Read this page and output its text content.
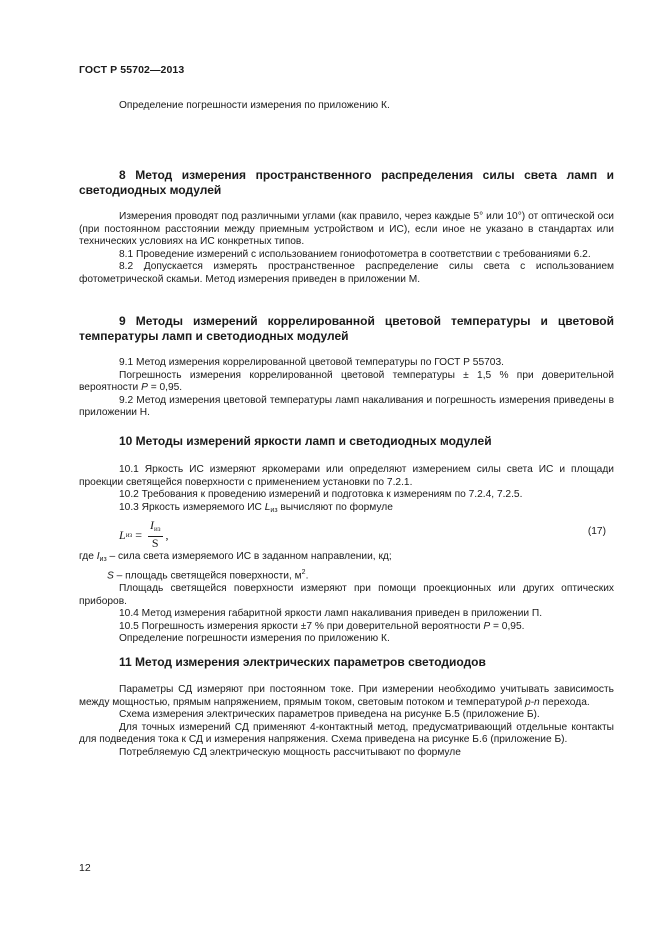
ГОСТ Р 55702—2013

Определение погрешности измерения по приложению К.

8 Метод измерения пространственного распределения силы света ламп и светодиодных модулей

Измерения проводят под различными углами (как правило, через каждые 5° или 10°) от оптической оси (при постоянном расстоянии между приемным устройством и ИС), если иное не указано в стандартах или технических условиях на ИС конкретных типов.

8.1 Проведение измерений с использованием гониофотометра в соответствии с требованиями 6.2.

8.2 Допускается измерять пространственное распределение силы света с использованием фотометрической скамьи. Метод измерения приведен в приложении М.

9 Методы измерений коррелированной цветовой температуры и цветовой температуры ламп и светодиодных модулей

9.1 Метод измерения коррелированной цветовой температуры по ГОСТ Р 55703.

Погрешность измерения коррелированной цветовой температуры ± 1,5 % при доверительной вероятности P = 0,95.

9.2 Метод измерения цветовой температуры ламп накаливания и погрешность измерения приведены в приложении Н.

10 Методы измерений яркости ламп и светодиодных модулей

10.1 Яркость ИС измеряют яркомерами или определяют измерением силы света ИС и площади проекции светящейся поверхности с применением установки по 7.2.1.

10.2 Требования к проведению измерений и подготовка к измерениям по 7.2.4, 7.2.5.

10.3 Яркость измеряемого ИС $L_{из}$ вычисляют по формуле

L из = $\frac{I_{из}}{S}$ ,	(17)

где $I_{из}$ – сила света измеряемого ИС в заданном направлении, кд;

S – площадь светящейся поверхности, $м^2$.

Площадь светящейся поверхности измеряют при помощи проекционных или других оптических приборов.

10.4 Метод измерения габаритной яркости ламп накаливания приведен в приложении П.

10.5 Погрешность измерения яркости ±7 % при доверительной вероятности P = 0,95.

Определение погрешности измерения по приложению К.

11 Метод измерения электрических параметров светодиодов

Параметры СД измеряют при постоянном токе. При измерении необходимо учитывать зависимость между мощностью, прямым напряжением, прямым током, световым потоком и температурой p-n перехода.

Схема измерения электрических параметров приведена на рисунке Б.5 (приложение Б).

Для точных измерений СД применяют 4-контактный метод, предусматривающий отдельные контакты для подведения тока к СД и измерения напряжения. Схема приведена на рисунке Б.6 (приложение Б).

Потребляемую СД электрическую мощность рассчитывают по формуле

12
